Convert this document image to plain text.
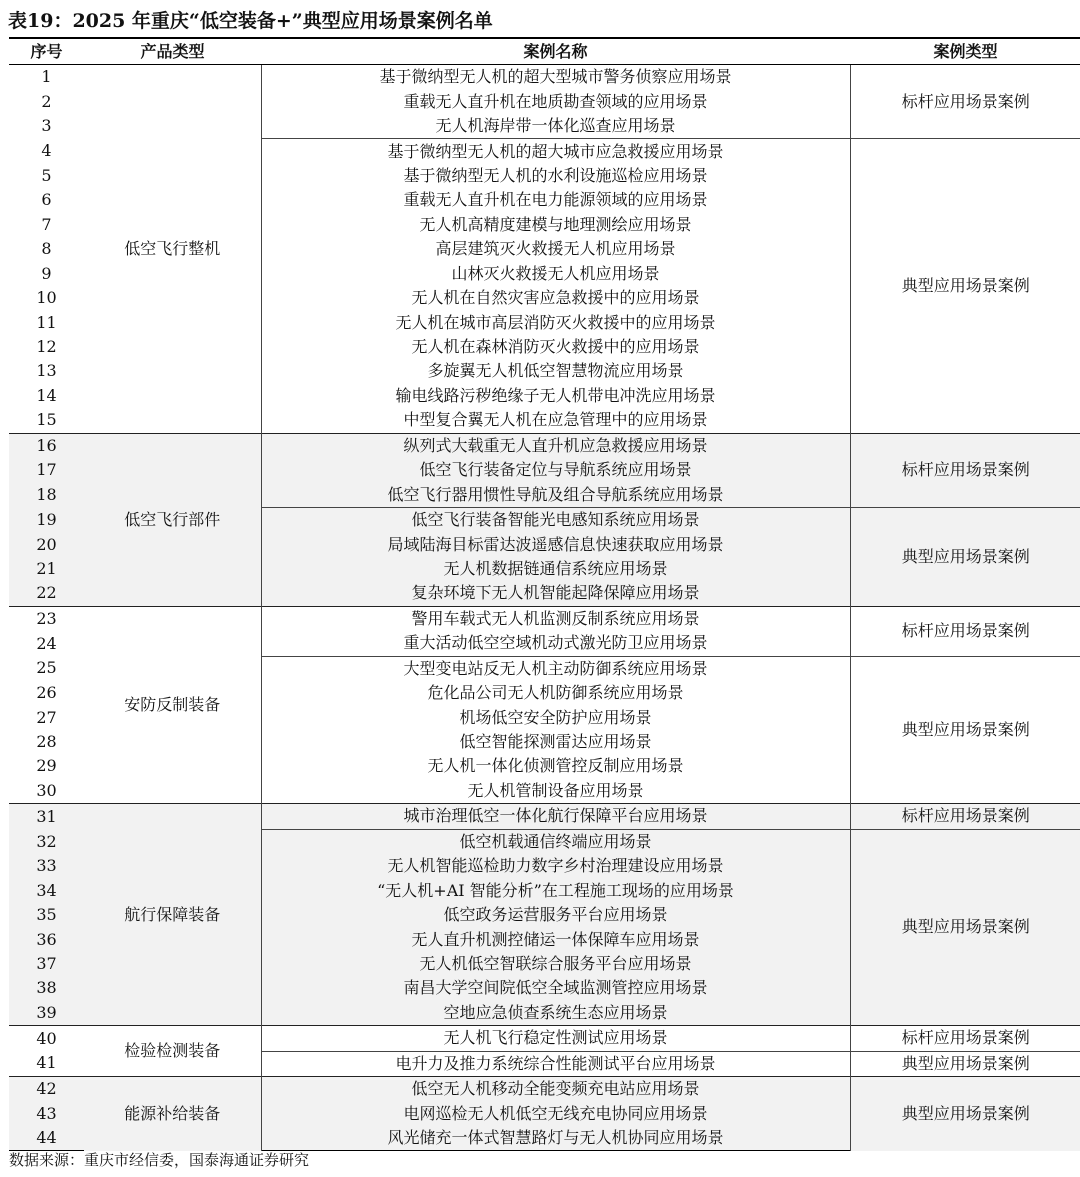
表19：2025 年重庆“低空装备+”典型应用场景案例名单
序号	产品类型	案例名称	案例类型
1	低空飞行整机	基于微纳型无人机的超大型城市警务侦察应用场景	标杆应用场景案例
2		重载无人直升机在地质勘查领域的应用场景	
3		无人机海岸带一体化巡查应用场景	
4		基于微纳型无人机的超大城市应急救援应用场景	典型应用场景案例
5		基于微纳型无人机的水利设施巡检应用场景	
6		重载无人直升机在电力能源领域的应用场景	
7		无人机高精度建模与地理测绘应用场景	
8		高层建筑灭火救援无人机应用场景	
9		山林灭火救援无人机应用场景	
10		无人机在自然灾害应急救援中的应用场景	
11		无人机在城市高层消防灭火救援中的应用场景	
12		无人机在森林消防灭火救援中的应用场景	
13		多旋翼无人机低空智慧物流应用场景	
14		输电线路污秽绝缘子无人机带电冲洗应用场景	
15		中型复合翼无人机在应急管理中的应用场景	
16	低空飞行部件	纵列式大载重无人直升机应急救援应用场景	标杆应用场景案例
17		低空飞行装备定位与导航系统应用场景	
18		低空飞行器用惯性导航及组合导航系统应用场景	
19		低空飞行装备智能光电感知系统应用场景	典型应用场景案例
20		局域陆海目标雷达波遥感信息快速获取应用场景	
21		无人机数据链通信系统应用场景	
22		复杂环境下无人机智能起降保障应用场景	
23	安防反制装备	警用车载式无人机监测反制系统应用场景	标杆应用场景案例
24		重大活动低空空域机动式激光防卫应用场景	
25		大型变电站反无人机主动防御系统应用场景	典型应用场景案例
26		危化品公司无人机防御系统应用场景	
27		机场低空安全防护应用场景	
28		低空智能探测雷达应用场景	
29		无人机一体化侦测管控反制应用场景	
30		无人机管制设备应用场景	
31	航行保障装备	城市治理低空一体化航行保障平台应用场景	标杆应用场景案例
32		低空机载通信终端应用场景	典型应用场景案例
33		无人机智能巡检助力数字乡村治理建设应用场景	
34		“无人机+AI 智能分析”在工程施工现场的应用场景	
35		低空政务运营服务平台应用场景	
36		无人直升机测控储运一体保障车应用场景	
37		无人机低空智联综合服务平台应用场景	
38		南昌大学空间院低空全域监测管控应用场景	
39		空地应急侦查系统生态应用场景	
40	检验检测装备	无人机飞行稳定性测试应用场景	标杆应用场景案例
41		电升力及推力系统综合性能测试平台应用场景	典型应用场景案例
42	能源补给装备	低空无人机移动全能变频充电站应用场景	典型应用场景案例
43		电网巡检无人机低空无线充电协同应用场景	
44		风光储充一体式智慧路灯与无人机协同应用场景	
数据来源：重庆市经信委，国泰海通证券研究
